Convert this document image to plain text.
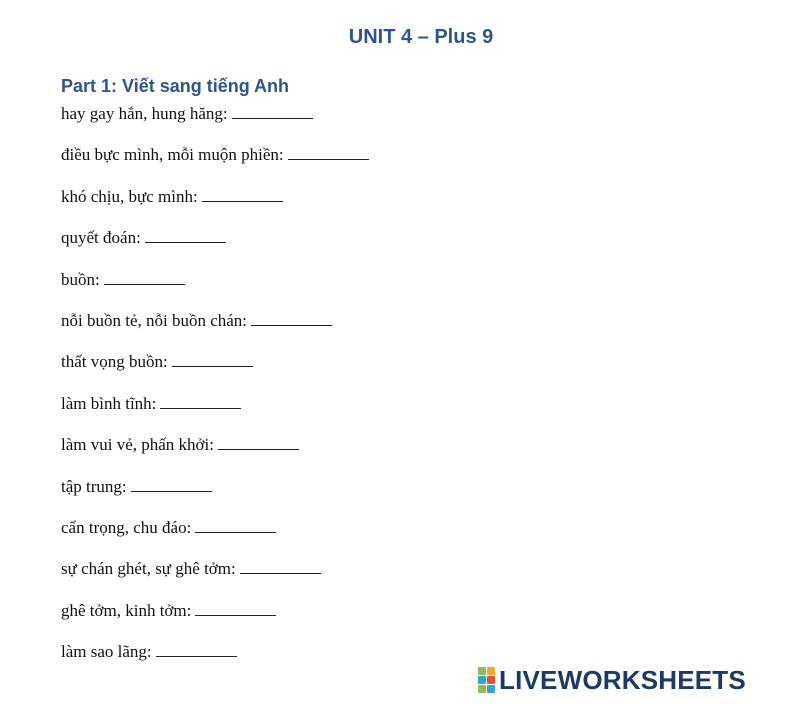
UNIT 4 – Plus 9
Part 1: Viết sang tiếng Anh
hay gay hắn, hung hăng:
điều bực mình, mỗi muộn phiền:
khó chịu, bực mình:
quyết đoán:
buồn:
nỗi buồn tẻ, nỗi buồn chán:
thất vọng buồn:
làm bình tĩnh:
làm vui vẻ, phấn khởi:
tập trung:
cẩn trọng, chu đáo:
sự chán ghét, sự ghê tởm:
ghê tởm, kinh tởm:
làm sao lãng:
LIVEWORKSHEETS
